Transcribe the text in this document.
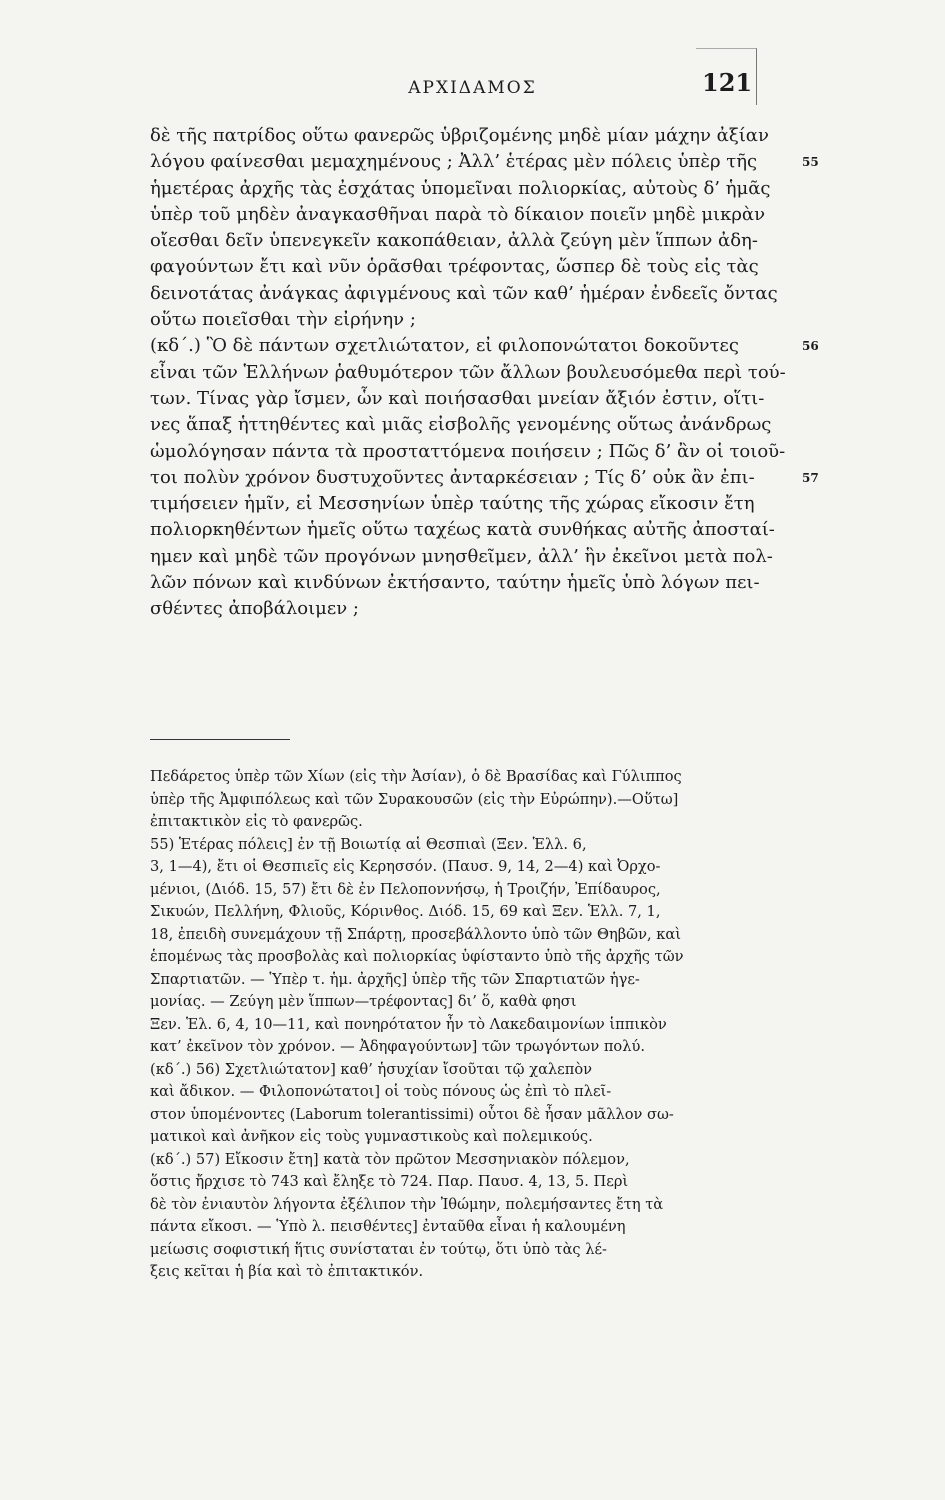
ΑΡΧΙΔΑΜΟΣ	121
δὲ τῆς πατρίδος οὕτω φανερῶς ὑβριζομένης μηδὲ μίαν μάχην ἀξίαν
λόγου φαίνεσθαι μεμαχημένους ; Ἀλλ’ ἑτέρας μὲν πόλεις ὑπὲρ τῆς	55
ἡμετέρας ἀρχῆς τὰς ἐσχάτας ὑπομεῖναι πολιορκίας, αὐτοὺς δ’ ἡμᾶς
ὑπὲρ τοῦ μηδὲν ἀναγκασθῆναι παρὰ τὸ δίκαιον ποιεῖν μηδὲ μικρὰν
οἴεσθαι δεῖν ὑπενεγκεῖν κακοπάθειαν, ἀλλὰ ζεύγη μὲν ἵππων ἀδη-
φαγούντων ἔτι καὶ νῦν ὁρᾶσθαι τρέφοντας, ὥσπερ δὲ τοὺς εἰς τὰς
δεινοτάτας ἀνάγκας ἀφιγμένους καὶ τῶν καθ’ ἡμέραν ἐνδεεῖς ὄντας
οὕτω ποιεῖσθαι τὴν εἰρήνην ;
(κδ΄.) Ὃ δὲ πάντων σχετλιώτατον, εἰ φιλοπονώτατοι δοκοῦντες	56
εἶναι τῶν Ἑλλήνων ῥαθυμότερον τῶν ἄλλων βουλευσόμεθα περὶ τού-
των. Τίνας γὰρ ἴσμεν, ὧν καὶ ποιήσασθαι μνείαν ἄξιόν ἐστιν, οἵτι-
νες ἅπαξ ἡττηθέντες καὶ μιᾶς εἰσβολῆς γενομένης οὕτως ἀνάνδρως
ὡμολόγησαν πάντα τὰ προσταττόμενα ποιήσειν ; Πῶς δ’ ἂν οἱ τοιοῦ-
τοι πολὺν χρόνον δυστυχοῦντες ἀνταρκέσειαν ; Τίς δ’ οὐκ ἂν ἐπι-	57
τιμήσειεν ἡμῖν, εἰ Μεσσηνίων ὑπὲρ ταύτης τῆς χώρας εἴκοσιν ἔτη
πολιορκηθέντων ἡμεῖς οὕτω ταχέως κατὰ συνθήκας αὐτῆς ἀποσταί-
ημεν καὶ μηδὲ τῶν προγόνων μνησθεῖμεν, ἀλλ’ ἣν ἐκεῖνοι μετὰ πολ-
λῶν πόνων καὶ κινδύνων ἐκτήσαντο, ταύτην ἡμεῖς ὑπὸ λόγων πει-
σθέντες ἀποβάλοιμεν ;
Πεδάρετος ὑπὲρ τῶν Χίων (εἰς τὴν Ἀσίαν), ὁ δὲ Βρασίδας καὶ Γύλιππος
ὑπὲρ τῆς Ἀμφιπόλεως καὶ τῶν Συρακουσῶν (εἰς τὴν Εὐρώπην).—Οὕτω]
ἐπιτακτικὸν εἰς τὸ φανερῶς.
55) Ἑτέρας πόλεις] ἐν τῇ Βοιωτίᾳ αἱ Θεσπιαὶ (Ξεν. Ἑλλ. 6,
3, 1—4), ἔτι οἱ Θεσπιεῖς εἰς Κερησσόν. (Παυσ. 9, 14, 2—4) καὶ Ὀρχο-
μένιοι, (Διόδ. 15, 57) ἔτι δὲ ἐν Πελοποννήσῳ, ἡ Τροιζήν, Ἐπίδαυρος,
Σικυών, Πελλήνη, Φλιοῦς, Κόρινθος. Διόδ. 15, 69 καὶ Ξεν. Ἑλλ. 7, 1,
18, ἐπειδὴ συνεμάχουν τῇ Σπάρτῃ, προσεβάλλοντο ὑπὸ τῶν Θηβῶν, καὶ
ἑπομένως τὰς προσβολὰς καὶ πολιορκίας ὑφίσταντο ὑπὸ τῆς ἀρχῆς τῶν
Σπαρτιατῶν. — Ὑπὲρ τ. ἡμ. ἀρχῆς] ὑπὲρ τῆς τῶν Σπαρτιατῶν ἡγε-
μονίας. — Ζεύγη μὲν ἵππων—τρέφοντας] δι’ ὅ, καθὰ φησι
Ξεν. Ἑλ. 6, 4, 10—11, καὶ πονηρότατον ἦν τὸ Λακεδαιμονίων ἱππικὸν
κατ’ ἐκεῖνον τὸν χρόνον. — Ἀδηφαγούντων] τῶν τρωγόντων πολύ.
(κδ΄.) 56) Σχετλιώτατον] καθ’ ἡσυχίαν ἴσοῦται τῷ χαλεπὸν
καὶ ἄδικον. — Φιλοπονώτατοι] οἱ τοὺς πόνους ὡς ἐπὶ τὸ πλεῖ-
στον ὑπομένοντες (Laborum tolerantissimi) οὗτοι δὲ ἦσαν μᾶλλον σω-
ματικοὶ καὶ ἀνῆκον εἰς τοὺς γυμναστικοὺς καὶ πολεμικούς.
(κδ΄.) 57) Εἴκοσιν ἔτη] κατὰ τὸν πρῶτον Μεσσηνιακὸν πόλεμον,
ὅστις ἤρχισε τὸ 743 καὶ ἔληξε τὸ 724. Παρ. Παυσ. 4, 13, 5. Περὶ
δὲ τὸν ἐνιαυτὸν λήγοντα ἐξέλιπον τὴν Ἰθώμην, πολεμήσαντες ἔτη τὰ
πάντα εἴκοσι. — Ὑπὸ λ. πεισθέντες] ἐνταῦθα εἶναι ἡ καλουμένη
μείωσις σοφιστική ἥτις συνίσταται ἐν τούτῳ, ὅτι ὑπὸ τὰς λέ-
ξεις κεῖται ἡ βία καὶ τὸ ἐπιτακτικόν.
